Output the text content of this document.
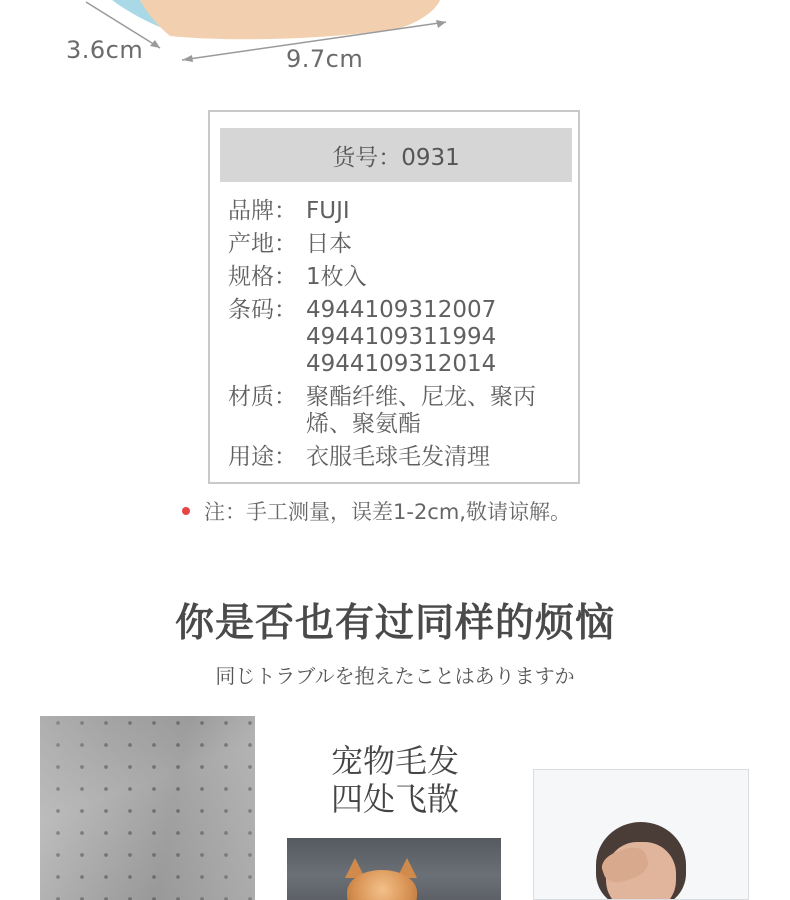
3.6cm	9.7cm
货号：0931
品牌： FUJI
产地： 日本
规格： 1枚入
条码： 4944109312007
4944109311994
4944109312014
材质： 聚酯纤维、尼龙、聚丙
烯、聚氨酯
用途： 衣服毛球毛发清理
注：手工测量，误差1-2cm,敬请谅解。
你是否也有过同样的烦恼
同じトラブルを抱えたことはありますか
宠物毛发
四处飞散
